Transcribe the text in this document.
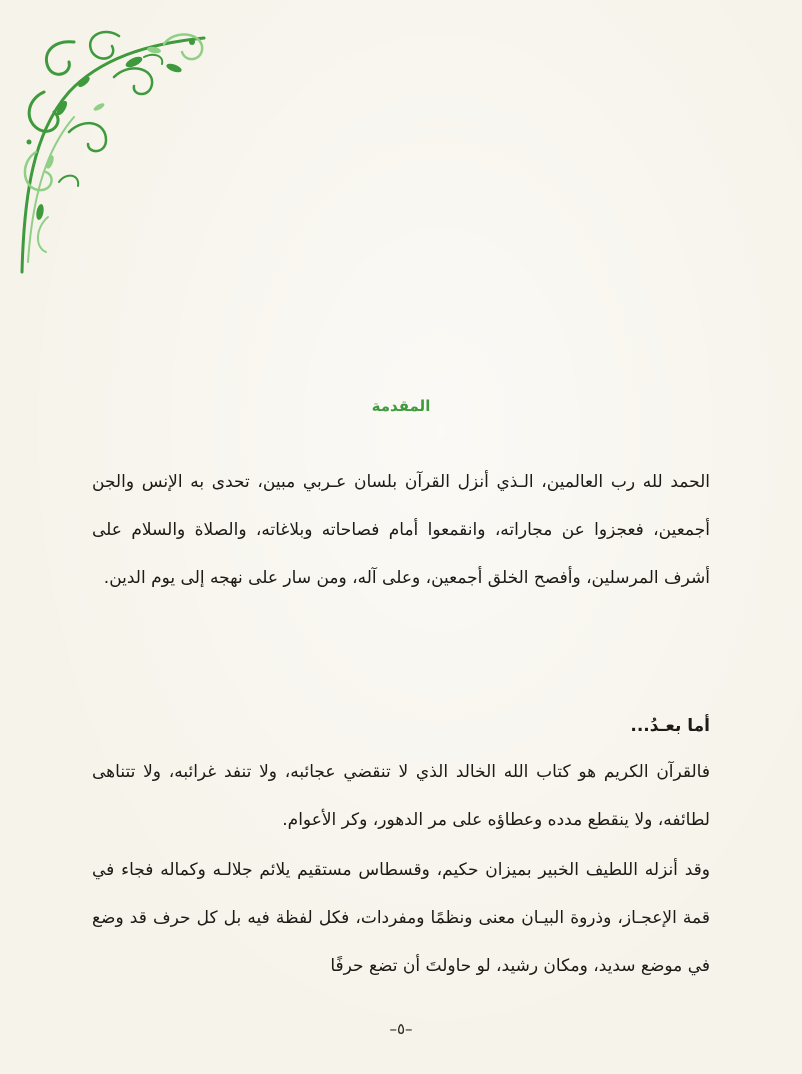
المقدمة

الحمد لله رب العالمين، الـذي أنزل القرآن بلسان عـربي مبين، تحدى به الإنس والجن أجمعين، فعجزوا عن مجاراته، وانقمعوا أمام فصاحاته وبلاغاته، والصلاة والسلام على أشرف المرسلين، وأفصح الخلق أجمعين، وعلى آله، ومن سار على نهجه إلى يوم الدين.

أما بعـدُ...

فالقرآن الكريم هو كتاب الله الخالد الذي لا تنقضي عجائبه، ولا تنفد غرائبه، ولا تتناهى لطائفه، ولا ينقطع مدده وعطاؤه على مر الدهور، وكر الأعوام.

وقد أنزله اللطيف الخبير بميزان حكيم، وقسطاس مستقيم يلائم جلالـه وكماله فجاء في قمة الإعجـاز، وذروة البيـان معنى ونظمًا ومفردات، فكل لفظة فيه بل كل حرف قد وضع في موضع سديد، ومكان رشيد، لو حاولتَ أن تضع حرفًا

–٥–
